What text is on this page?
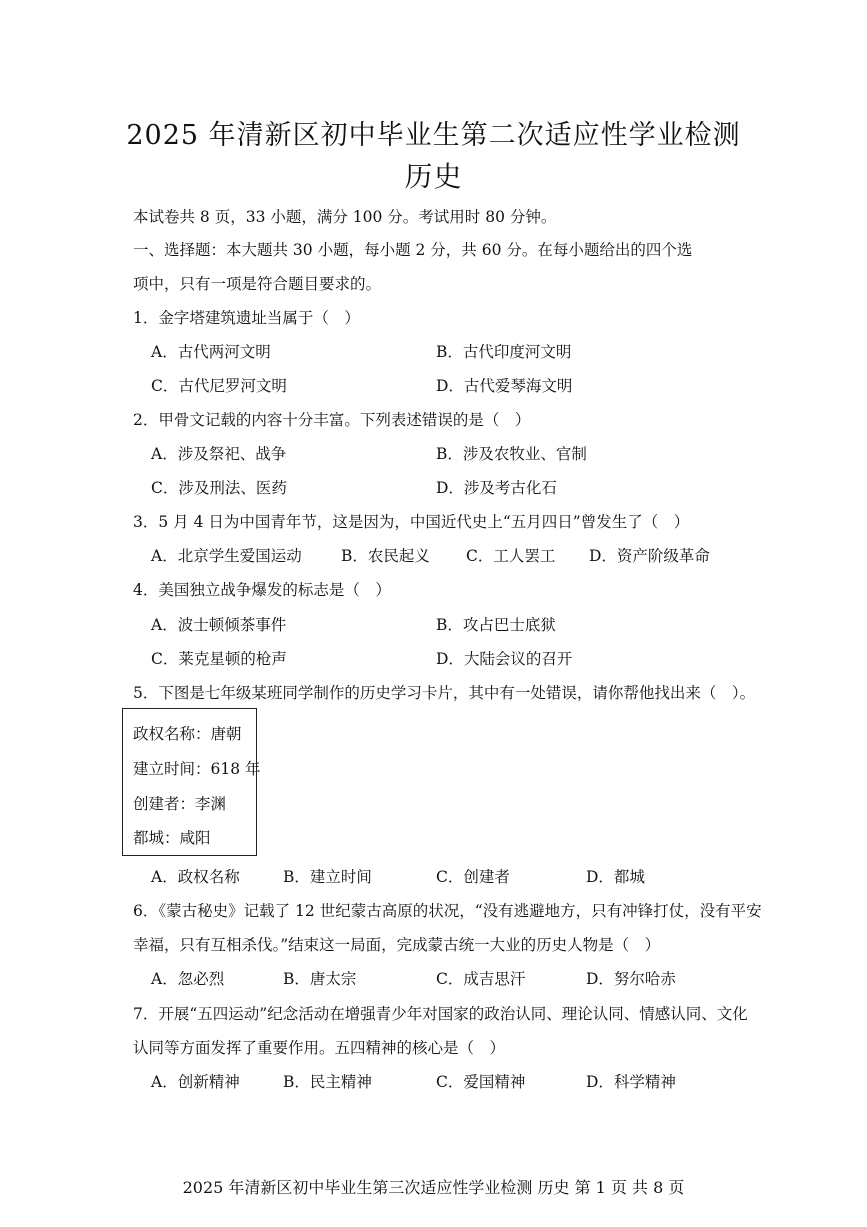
2025 年清新区初中毕业生第二次适应性学业检测
历史
本试卷共 8 页，33 小题，满分 100 分。考试用时 80 分钟。
一、选择题：本大题共 30 小题，每小题 2 分，共 60 分。在每小题给出的四个选
项中，只有一项是符合题目要求的。
1．金字塔建筑遗址当属于（　）
A．古代两河文明	B．古代印度河文明
C．古代尼罗河文明	D．古代爱琴海文明
2．甲骨文记载的内容十分丰富。下列表述错误的是（　）
A．涉及祭祀、战争	B．涉及农牧业、官制
C．涉及刑法、医药	D．涉及考古化石
3．5 月 4 日为中国青年节，这是因为，中国近代史上“五月四日”曾发生了（　）
A．北京学生爱国运动	B．农民起义 C．工人罢工 D．资产阶级革命
4．美国独立战争爆发的标志是（　）
A．波士顿倾茶事件	B．攻占巴士底狱
C．莱克星顿的枪声	D．大陆会议的召开
5．下图是七年级某班同学制作的历史学习卡片，其中有一处错误，请你帮他找出来（　）。
政权名称：唐朝
建立时间：618 年
创建者：李渊
都城：咸阳
A．政权名称	B．建立时间	C．创建者	D．都城
6．《蒙古秘史》记载了 12 世纪蒙古高原的状况，“没有逃避地方，只有冲锋打仗，没有平安
幸福，只有互相杀伐。”结束这一局面，完成蒙古统一大业的历史人物是（　）
A．忽必烈	B．唐太宗	C．成吉思汗	D．努尔哈赤
7．开展“五四运动”纪念活动在增强青少年对国家的政治认同、理论认同、情感认同、文化
认同等方面发挥了重要作用。五四精神的核心是（　）
A．创新精神	B．民主精神	C．爱国精神	D．科学精神
2025 年清新区初中毕业生第三次适应性学业检测 历史 第 1 页 共 8 页
